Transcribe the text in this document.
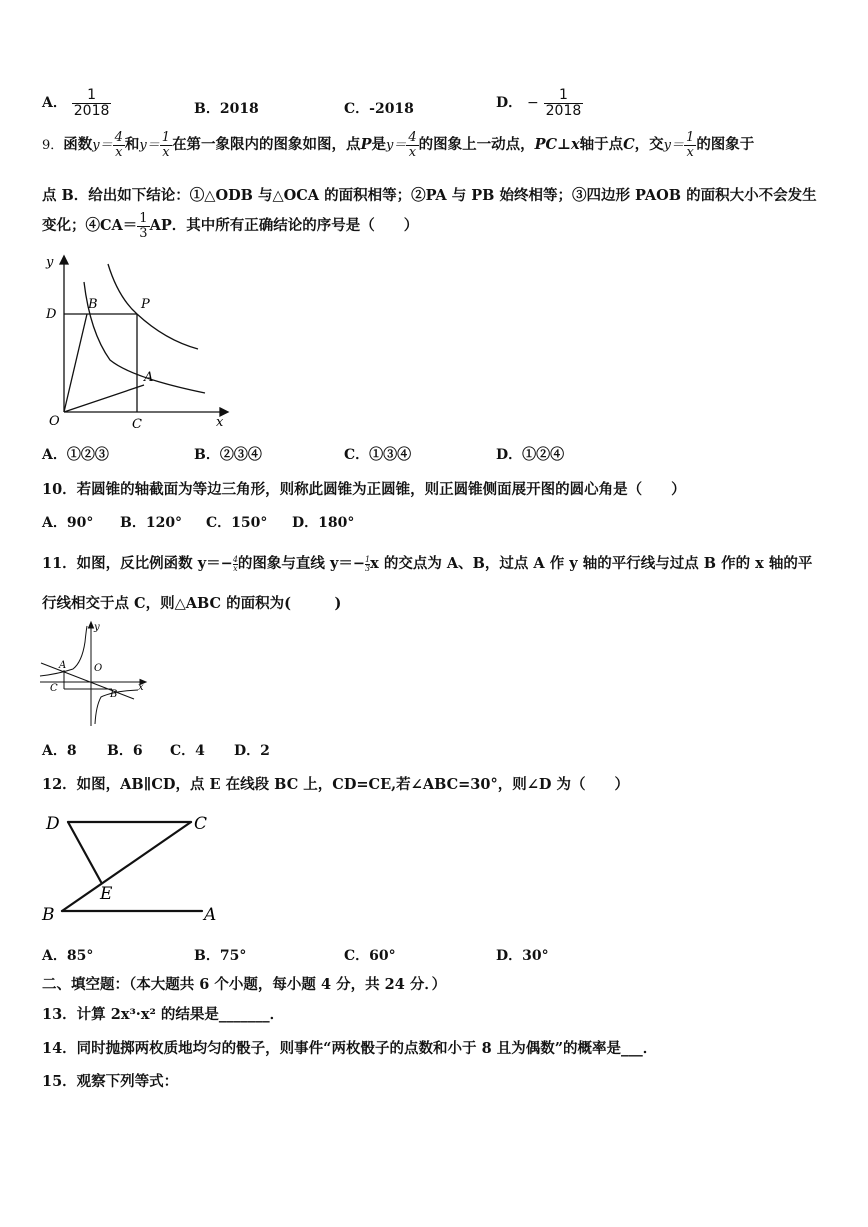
A． $\frac{1}{2018}$	B．2018	C．-2018	D． − $\frac{1}{2018}$
9．函数$y= \frac{4}{x}$ 和$y= \frac{1}{x}$ 在第一象限内的图象如图，点P是$y= \frac{4}{x}$ 的图象上一动点，PC⊥x轴于点C，交$y= \frac{1}{x}$ 的图象于
点 B．给出如下结论：①△ODB 与△OCA 的面积相等；②PA 与 PB 始终相等；③四边形 PAOB 的面积大小不会发生
变化；④CA＝ $\frac{1}{3}$ AP．其中所有正确结论的序号是（　　）
y
x
O
D
B	P
A
C
A．①②③	B．②③④	C．①③④	D．①②④
10．若圆锥的轴截面为等边三角形，则称此圆锥为正圆锥，则正圆锥侧面展开图的圆心角是（　　）
A．90° B．120° C．150° D．180°
11．如图，反比例函数 $y=- \frac{4}{x}$的图象与直线 $y=- \frac{1}{3}x$ 的交点为 A、B，过点 A 作 y 轴的平行线与过点 B 作的 x 轴的平
行线相交于点 C，则△ABC 的面积为(　　　)
A	O
y
x
C
B
A．8 B．6 C．4 D．2
12．如图，AB∥CD，点 E 在线段 BC 上，CD=CE,若∠ABC=30°，则∠D 为（　　）
D	C
E
B	A
A．85°	B．75°	C．60°	D．30°
二、填空题：（本大题共 6 个小题，每小题 4 分，共 24 分．）
13．计算 2x³·x² 的结果是_______．
14．同时抛掷两枚质地均匀的骰子，则事件“两枚骰子的点数和小于 8 且为偶数”的概率是___．
15．观察下列等式：
